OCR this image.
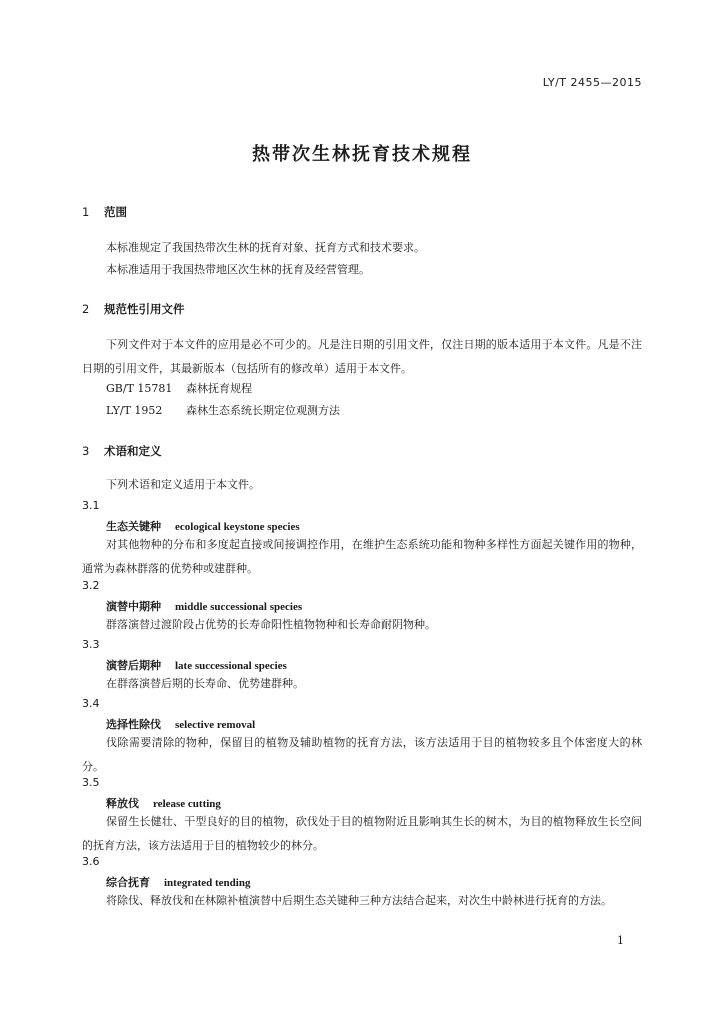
LY/T 2455—2015
热带次生林抚育技术规程
1 范围
本标准规定了我国热带次生林的抚育对象、抚育方式和技术要求。
本标准适用于我国热带地区次生林的抚育及经营管理。
2 规范性引用文件
下列文件对于本文件的应用是必不可少的。凡是注日期的引用文件，仅注日期的版本适用于本文件。凡是不注日期的引用文件，其最新版本（包括所有的修改单）适用于本文件。
GB/T 15781 森林抚育规程
LY/T 1952 森林生态系统长期定位观测方法
3 术语和定义
下列术语和定义适用于本文件。
3.1
生态关键种 ecological keystone species
对其他物种的分布和多度起直接或间接调控作用，在维护生态系统功能和物种多样性方面起关键作用的物种，通常为森林群落的优势种或建群种。
3.2
演替中期种 middle successional species
群落演替过渡阶段占优势的长寿命阳性植物物种和长寿命耐阴物种。
3.3
演替后期种 late successional species
在群落演替后期的长寿命、优势建群种。
3.4
选择性除伐 selective removal
伐除需要清除的物种，保留目的植物及辅助植物的抚育方法，该方法适用于目的植物较多且个体密度大的林分。
3.5
释放伐 release cutting
保留生长健壮、干型良好的目的植物，砍伐处于目的植物附近且影响其生长的树木，为目的植物释放生长空间的抚育方法，该方法适用于目的植物较少的林分。
3.6
综合抚育 integrated tending
将除伐、释放伐和在林隙补植演替中后期生态关键种三种方法结合起来，对次生中龄林进行抚育的方法。
1
